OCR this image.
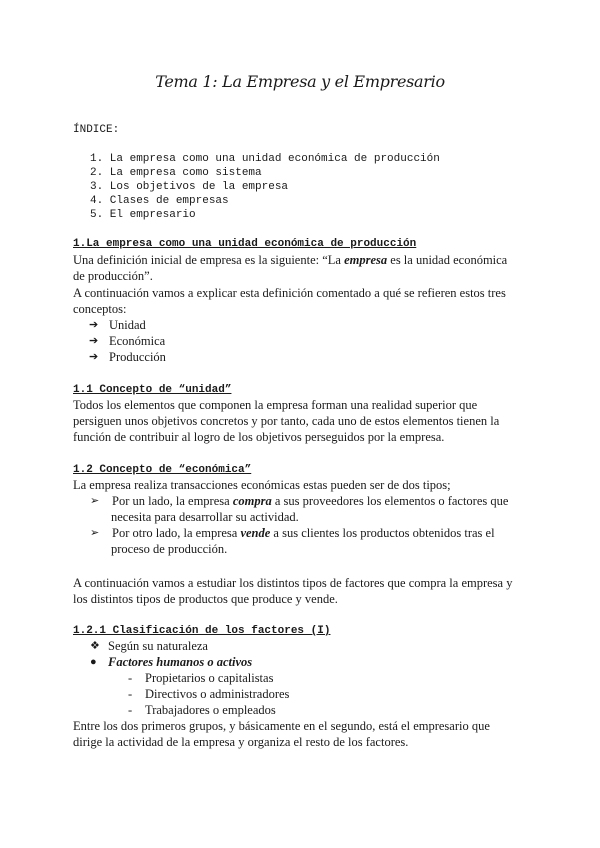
Tema 1: La Empresa y el Empresario
ÍNDICE:
1. La empresa como una unidad económica de producción
2. La empresa como sistema
3. Los objetivos de la empresa
4. Clases de empresas
5. El empresario
1.La empresa como una unidad económica de producción
Una definición inicial de empresa es la siguiente: “La empresa es la unidad económica
de producción”.
A continuación vamos a explicar esta definición comentado a qué se refieren estos tres
conceptos:
➔ Unidad
➔ Económica
➔ Producción
1.1 Concepto de “unidad”
Todos los elementos que componen la empresa forman una realidad superior que
persiguen unos objetivos concretos y por tanto, cada uno de estos elementos tienen la
función de contribuir al logro de los objetivos perseguidos por la empresa.
1.2 Concepto de “económica”
La empresa realiza transacciones económicas estas pueden ser de dos tipos;
➢	Por un lado, la empresa compra a sus proveedores los elementos o factores que
necesita para desarrollar su actividad.
➢	Por otro lado, la empresa vende a sus clientes los productos obtenidos tras el
proceso de producción.
A continuación vamos a estudiar los distintos tipos de factores que compra la empresa y
los distintos tipos de productos que produce y vende.
1.2.1 Clasificación de los factores (I)
❖ Según su naturaleza
● Factores humanos o activos
-	Propietarios o capitalistas
-	Directivos o administradores
-	Trabajadores o empleados
Entre los dos primeros grupos, y básicamente en el segundo, está el empresario que
dirige la actividad de la empresa y organiza el resto de los factores.
